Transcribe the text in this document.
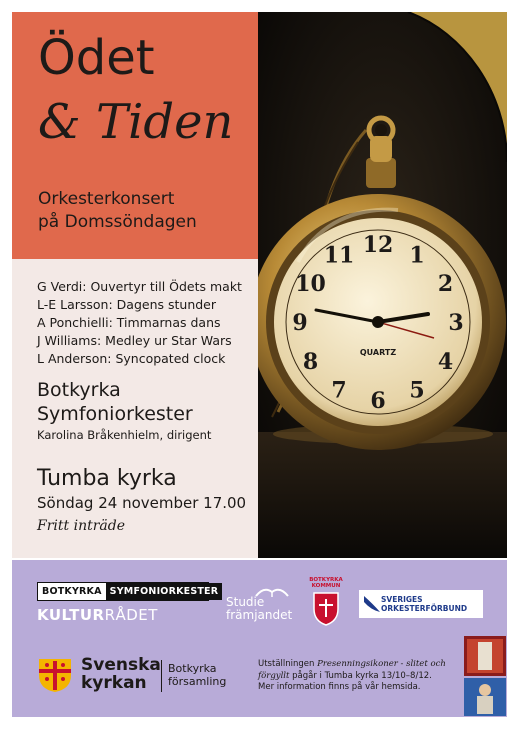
Ödet
& Tiden
Orkesterkonsert
på Domssöndagen
G Verdi: Ouvertyr till Ödets makt
L-E Larsson: Dagens stunder
A Ponchielli: Timmarnas dans
J Williams: Medley ur Star Wars
L Anderson: Syncopated clock
Botkyrka
Symfoniorkester
Karolina Bråkenhielm, dirigent
Tumba kyrka
Söndag 24 november 17.00
Fritt inträde
12 1
2
3
4
5
6
7
8
9
10
11
QUARTZ
BOTKYRKA SYMFONIORKESTER
KULTURRÅDET
Studie
främjandet
BOTKYRKA
KOMMUN
SVERIGES
ORKESTERFÖRBUND
Svenska
kyrkan
Botkyrka
församling
Utställningen Presenningsikoner - slitet och förgyllt pågår i Tumba kyrka 13/10–8/12.
Mer information finns på vår hemsida.
